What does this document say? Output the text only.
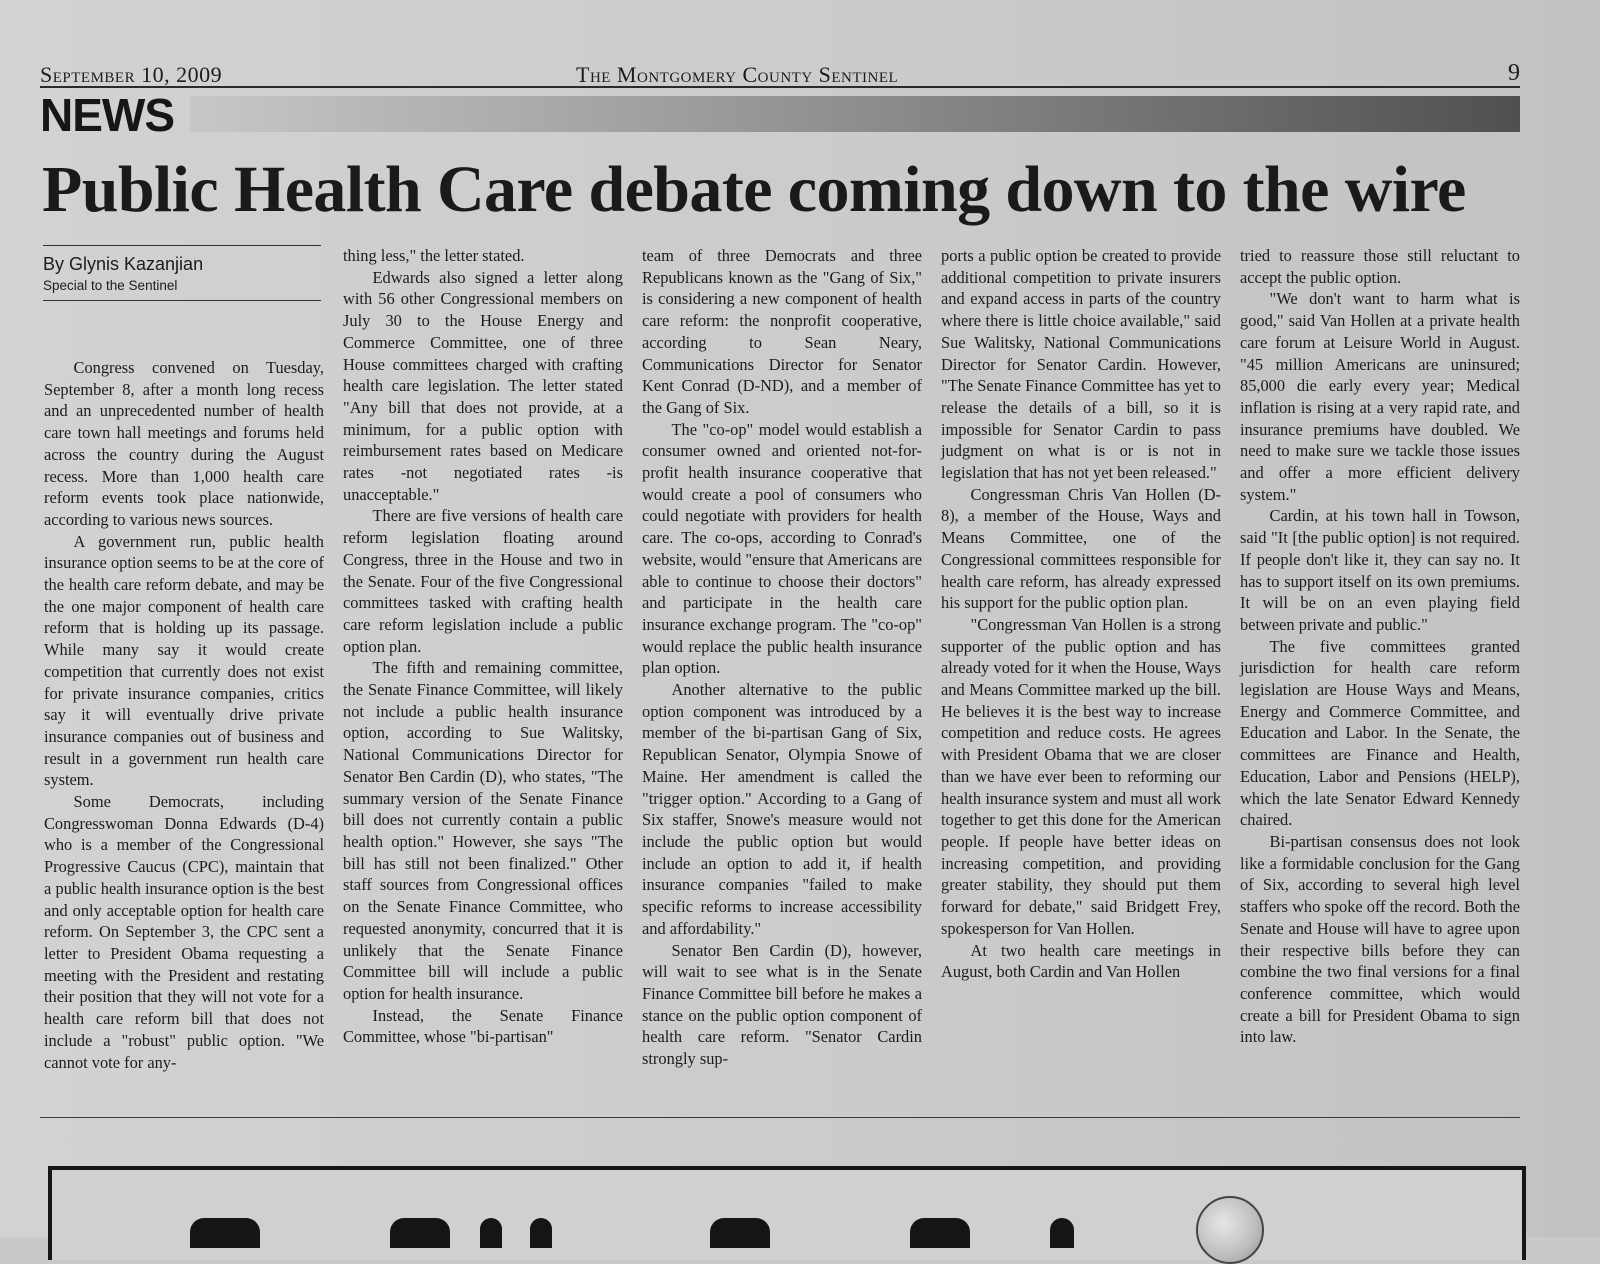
September 10, 2009	The Montgomery County Sentinel	9
NEWS
Public Health Care debate coming down to the wire
By Glynis Kazanjian
Special to the Sentinel

Congress convened on Tuesday, September 8, after a month long recess and an unprecedented number of health care town hall meetings and forums held across the country during the August recess. More than 1,000 health care reform events took place nationwide, according to various news sources.

A government run, public health insurance option seems to be at the core of the health care reform debate, and may be the one major component of health care reform that is holding up its passage. While many say it would create competition that currently does not exist for private insurance companies, critics say it will eventually drive private insurance companies out of business and result in a government run health care system.

Some Democrats, including Congresswoman Donna Edwards (D-4) who is a member of the Congressional Progressive Caucus (CPC), maintain that a public health insurance option is the best and only acceptable option for health care reform. On September 3, the CPC sent a letter to President Obama requesting a meeting with the President and restating their position that they will not vote for a health care reform bill that does not include a "robust" public option. "We cannot vote for any-

thing less," the letter stated.

Edwards also signed a letter along with 56 other Congressional members on July 30 to the House Energy and Commerce Committee, one of three House committees charged with crafting health care legislation. The letter stated "Any bill that does not provide, at a minimum, for a public option with reimbursement rates based on Medicare rates -not negotiated rates -is unacceptable."

There are five versions of health care reform legislation floating around Congress, three in the House and two in the Senate. Four of the five Congressional committees tasked with crafting health care reform legislation include a public option plan.

The fifth and remaining committee, the Senate Finance Committee, will likely not include a public health insurance option, according to Sue Walitsky, National Communications Director for Senator Ben Cardin (D), who states, "The summary version of the Senate Finance bill does not currently contain a public health option." However, she says "The bill has still not been finalized." Other staff sources from Congressional offices on the Senate Finance Committee, who requested anonymity, concurred that it is unlikely that the Senate Finance Committee bill will include a public option for health insurance.

Instead, the Senate Finance Committee, whose "bi-partisan"

team of three Democrats and three Republicans known as the "Gang of Six," is considering a new component of health care reform: the nonprofit cooperative, according to Sean Neary, Communications Director for Senator Kent Conrad (D-ND), and a member of the Gang of Six.

The "co-op" model would establish a consumer owned and oriented not-for-profit health insurance cooperative that would create a pool of consumers who could negotiate with providers for health care. The co-ops, according to Conrad's website, would "ensure that Americans are able to continue to choose their doctors" and participate in the health care insurance exchange program. The "co-op" would replace the public health insurance plan option.

Another alternative to the public option component was introduced by a member of the bi-partisan Gang of Six, Republican Senator, Olympia Snowe of Maine. Her amendment is called the "trigger option." According to a Gang of Six staffer, Snowe's measure would not include the public option but would include an option to add it, if health insurance companies "failed to make specific reforms to increase accessibility and affordability."

Senator Ben Cardin (D), however, will wait to see what is in the Senate Finance Committee bill before he makes a stance on the public option component of health care reform. "Senator Cardin strongly sup-

ports a public option be created to provide additional competition to private insurers and expand access in parts of the country where there is little choice available," said Sue Walitsky, National Communications Director for Senator Cardin. However, "The Senate Finance Committee has yet to release the details of a bill, so it is impossible for Senator Cardin to pass judgment on what is or is not in legislation that has not yet been released."

Congressman Chris Van Hollen (D-8), a member of the House, Ways and Means Committee, one of the Congressional committees responsible for health care reform, has already expressed his support for the public option plan.

"Congressman Van Hollen is a strong supporter of the public option and has already voted for it when the House, Ways and Means Committee marked up the bill. He believes it is the best way to increase competition and reduce costs. He agrees with President Obama that we are closer than we have ever been to reforming our health insurance system and must all work together to get this done for the American people. If people have better ideas on increasing competition, and providing greater stability, they should put them forward for debate," said Bridgett Frey, spokesperson for Van Hollen.

At two health care meetings in August, both Cardin and Van Hollen

tried to reassure those still reluctant to accept the public option.

"We don't want to harm what is good," said Van Hollen at a private health care forum at Leisure World in August. "45 million Americans are uninsured; 85,000 die early every year; Medical inflation is rising at a very rapid rate, and insurance premiums have doubled. We need to make sure we tackle those issues and offer a more efficient delivery system."

Cardin, at his town hall in Towson, said "It [the public option] is not required. If people don't like it, they can say no. It has to support itself on its own premiums. It will be on an even playing field between private and public."

The five committees granted jurisdiction for health care reform legislation are House Ways and Means, Energy and Commerce Committee, and Education and Labor. In the Senate, the committees are Finance and Health, Education, Labor and Pensions (HELP), which the late Senator Edward Kennedy chaired.

Bi-partisan consensus does not look like a formidable conclusion for the Gang of Six, according to several high level staffers who spoke off the record. Both the Senate and House will have to agree upon their respective bills before they can combine the two final versions for a final conference committee, which would create a bill for President Obama to sign into law.
